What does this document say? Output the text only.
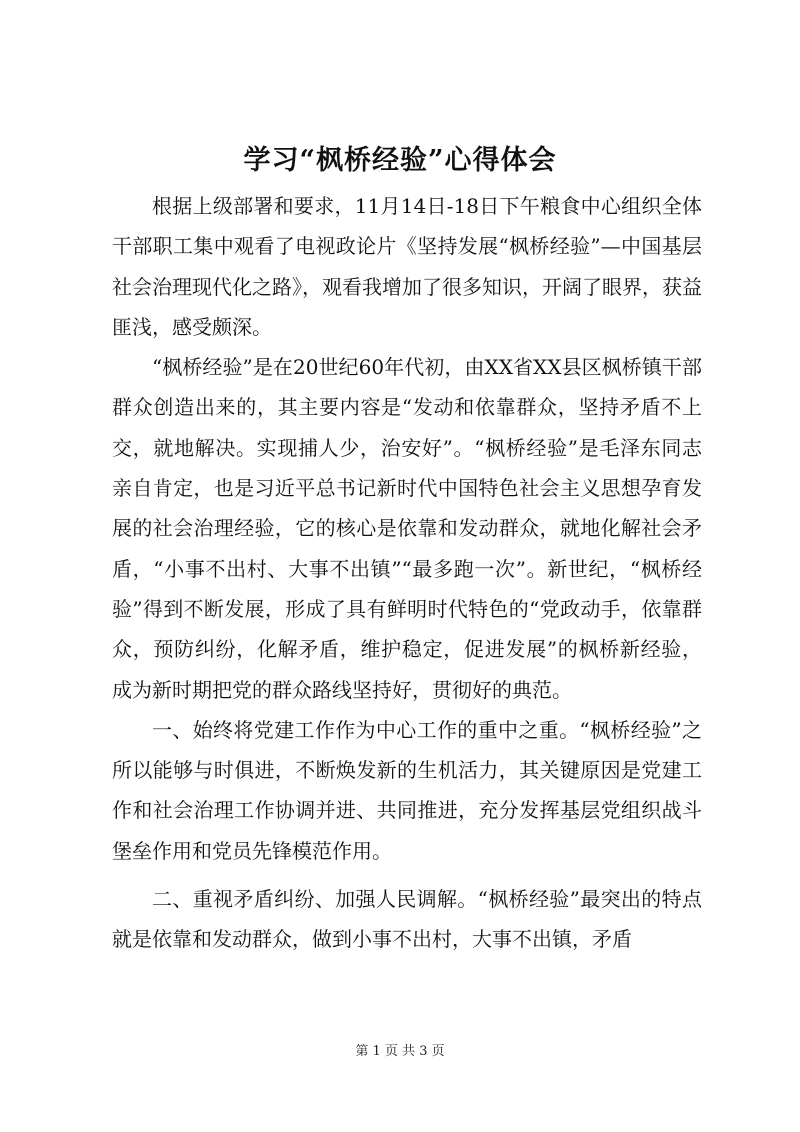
学习“枫桥经验”心得体会

根据上级部署和要求，11月14日-18日下午粮食中心组织全体干部职工集中观看了电视政论片《坚持发展“枫桥经验”—中国基层社会治理现代化之路》，观看我增加了很多知识，开阔了眼界，获益匪浅，感受颇深。

“枫桥经验”是在20世纪60年代初，由XX省XX县区枫桥镇干部群众创造出来的，其主要内容是“发动和依靠群众，坚持矛盾不上交，就地解决。实现捕人少，治安好”。“枫桥经验”是毛泽东同志亲自肯定，也是习近平总书记新时代中国特色社会主义思想孕育发展的社会治理经验，它的核心是依靠和发动群众，就地化解社会矛盾，“小事不出村、大事不出镇”“最多跑一次”。新世纪，“枫桥经验”得到不断发展，形成了具有鲜明时代特色的“党政动手，依靠群众，预防纠纷，化解矛盾，维护稳定，促进发展”的枫桥新经验，成为新时期把党的群众路线坚持好，贯彻好的典范。

一、始终将党建工作作为中心工作的重中之重。“枫桥经验”之所以能够与时俱进，不断焕发新的生机活力，其关键原因是党建工作和社会治理工作协调并进、共同推进，充分发挥基层党组织战斗堡垒作用和党员先锋模范作用。

二、重视矛盾纠纷、加强人民调解。“枫桥经验”最突出的特点就是依靠和发动群众，做到小事不出村，大事不出镇，矛盾

第 1 页 共 3 页
